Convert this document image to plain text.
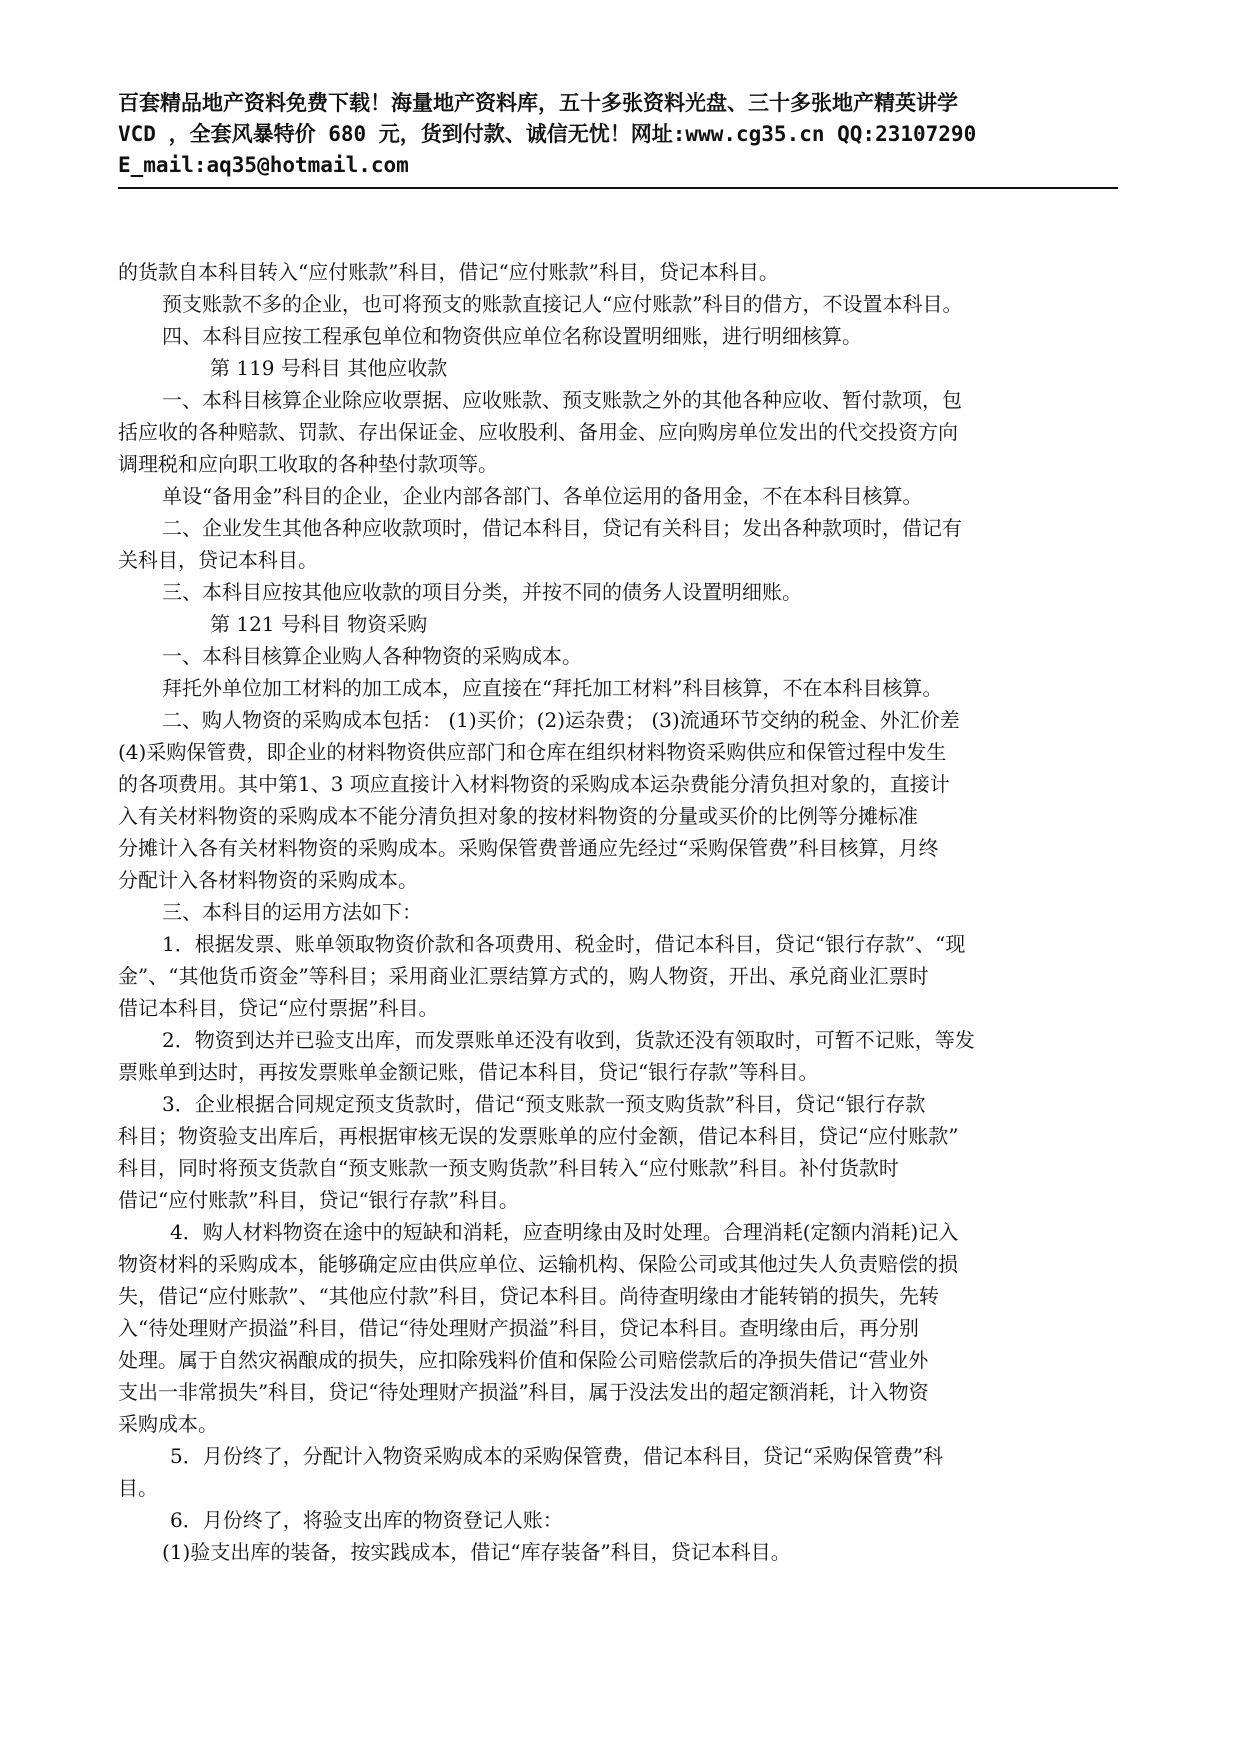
百套精品地产资料免费下载！海量地产资料库，五十多张资料光盘、三十多张地产精英讲学
VCD ，全套风暴特价 680 元，货到付款、诚信无忧！网址:www.cg35.cn QQ:23107290
E_mail:aq35@hotmail.com

的货款自本科目转入“应付账款”科目，借记“应付账款”科目，贷记本科目。

预支账款不多的企业，也可将预支的账款直接记人“应付账款”科目的借方，不设置本科目。

四、本科目应按工程承包单位和物资供应单位名称设置明细账，进行明细核算。

第 119 号科目 其他应收款

一、本科目核算企业除应收票据、应收账款、预支账款之外的其他各种应收、暂付款项，包

括应收的各种赔款、罚款、存出保证金、应收股利、备用金、应向购房单位发出的代交投资方向

调理税和应向职工收取的各种垫付款项等。

单设“备用金”科目的企业，企业内部各部门、各单位运用的备用金，不在本科目核算。

二、企业发生其他各种应收款项时，借记本科目，贷记有关科目；发出各种款项时，借记有

关科目，贷记本科目。

三、本科目应按其他应收款的项目分类，并按不同的债务人设置明细账。

第 121 号科目 物资采购

一、本科目核算企业购人各种物资的采购成本。

拜托外单位加工材料的加工成本，应直接在“拜托加工材料”科目核算，不在本科目核算。

二、购人物资的采购成本包括： (1)买价；(2)运杂费； (3)流通环节交纳的税金、外汇价差

(4)采购保管费，即企业的材料物资供应部门和仓库在组织材料物资采购供应和保管过程中发生

的各项费用。其中第1、3 项应直接计入材料物资的采购成本运杂费能分清负担对象的，直接计

入有关材料物资的采购成本不能分清负担对象的按材料物资的分量或买价的比例等分摊标准

分摊计入各有关材料物资的采购成本。采购保管费普通应先经过“采购保管费”科目核算，月终

分配计入各材料物资的采购成本。

三、本科目的运用方法如下：

1．根据发票、账单领取物资价款和各项费用、税金时，借记本科目，贷记“银行存款”、“现

金”、“其他货币资金”等科目；采用商业汇票结算方式的，购人物资，开出、承兑商业汇票时

借记本科目，贷记“应付票据”科目。

2．物资到达并已验支出库，而发票账单还没有收到，货款还没有领取时，可暂不记账，等发

票账单到达时，再按发票账单金额记账，借记本科目，贷记“银行存款”等科目。

3．企业根据合同规定预支货款时，借记“预支账款一预支购货款”科目，贷记“银行存款

科目；物资验支出库后，再根据审核无误的发票账单的应付金额，借记本科目，贷记“应付账款”

科目，同时将预支货款自“预支账款一预支购货款”科目转入“应付账款”科目。补付货款时

借记“应付账款”科目，贷记“银行存款”科目。

4．购人材料物资在途中的短缺和消耗，应查明缘由及时处理。合理消耗(定额内消耗)记入

物资材料的采购成本，能够确定应由供应单位、运输机构、保险公司或其他过失人负责赔偿的损

失，借记“应付账款”、“其他应付款”科目，贷记本科目。尚待查明缘由才能转销的损失，先转

入“待处理财产损溢”科目，借记“待处理财产损溢”科目，贷记本科目。查明缘由后，再分别

处理。属于自然灾祸酿成的损失，应扣除残料价值和保险公司赔偿款后的净损失借记“营业外

支出一非常损失”科目，贷记“待处理财产损溢”科目，属于没法发出的超定额消耗，计入物资

采购成本。

5．月份终了，分配计入物资采购成本的采购保管费，借记本科目，贷记“采购保管费”科

目。

6．月份终了，将验支出库的物资登记人账：

(1)验支出库的装备，按实践成本，借记“库存装备”科目，贷记本科目。
